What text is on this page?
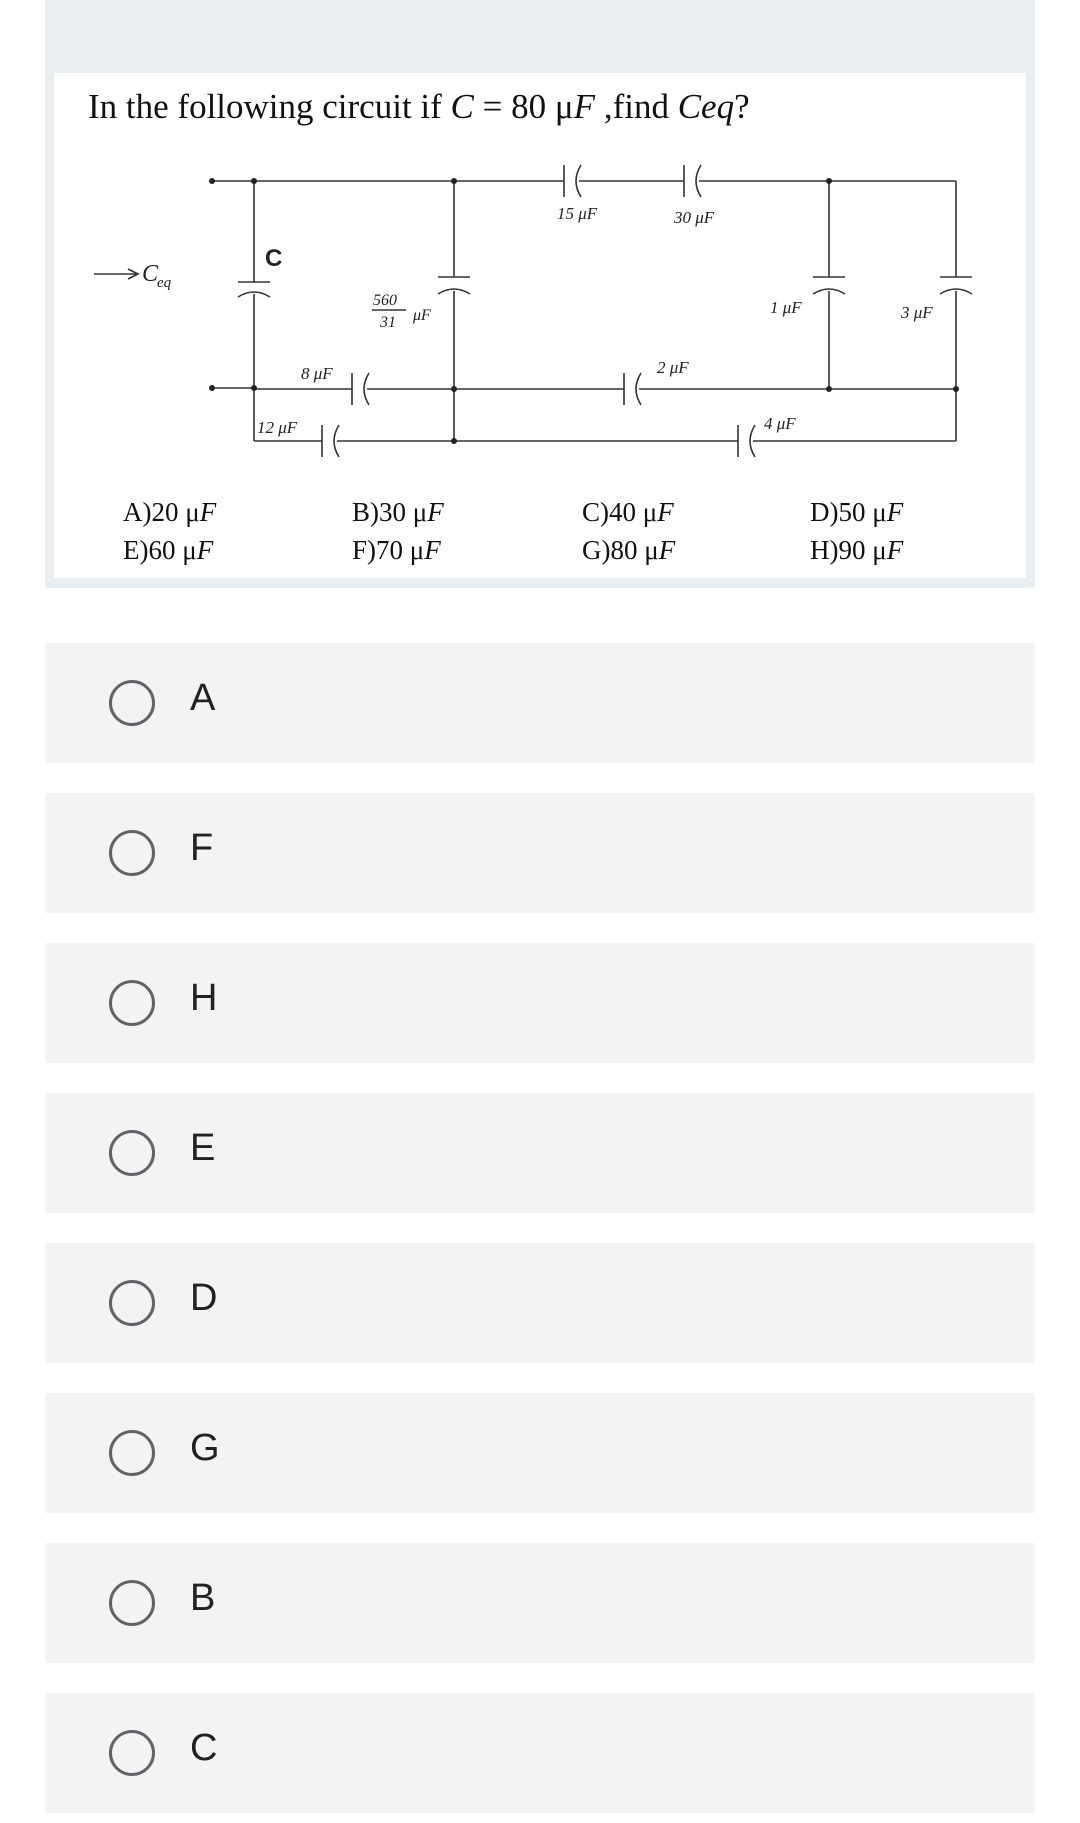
In the following circuit if C = 80 μF ,find Ceq?
C
eq
C
560
31 μF
8 μF
12 μF
15 μF	30 μF
2 μF
1 μF	3 μF
4 μF
A)20 μF	B)30 μF	C)40 μF	D)50 μF
E)60 μF	F)70 μF	G)80 μF	H)90 μF
A
F
H
E
D
G
B
C
